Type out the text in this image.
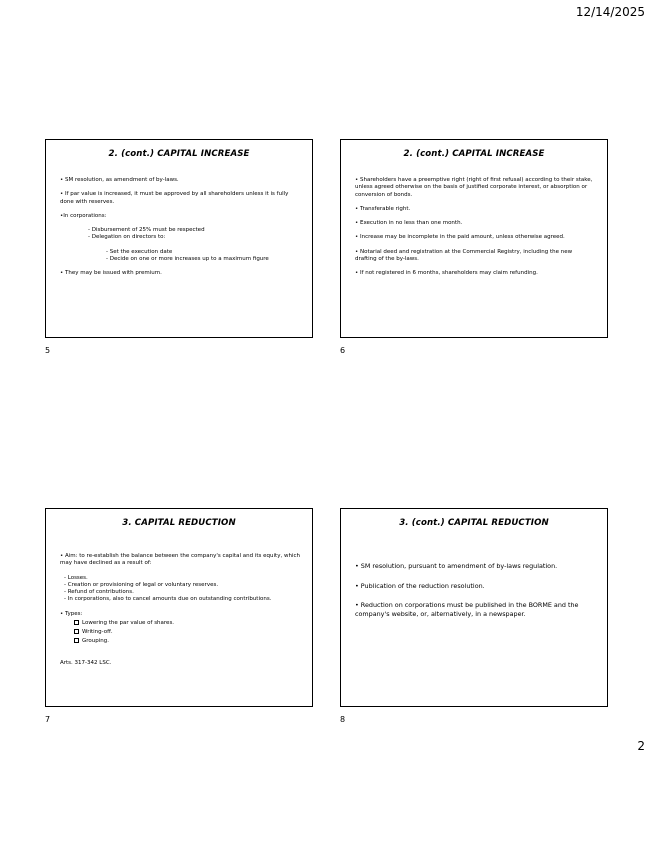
12/14/2025
2. (cont.) CAPITAL INCREASE
• SM resolution, as amendment of by-laws.
• If par value is increased, it must be approved by all shareholders unless it is fully done with reserves.
•In corporations:
- Disbursement of 25% must be respected
- Delegation on directors to:
- Set the execution date
- Decide on one or more increases up to a maximum figure
• They may be issued with premium.
5
2. (cont.) CAPITAL INCREASE
• Shareholders have a preemptive right (right of first refusal) according to their stake, unless agreed otherwise on the basis of justified corporate interest, or absorption or conversion of bonds.
• Transferable right.
• Execution in no less than one month.
• Increase may be incomplete in the paid amount, unless otherwise agreed.
• Notarial deed and registration at the Commercial Registry, including the new drafting of the by-laws.
• If not registered in 6 months, shareholders may claim refunding.
6
3. CAPITAL REDUCTION
• Aim: to re-establish the balance between the company's capital and its equity, which may have declined as a result of:
- Losses.
- Creation or provisioning of legal or voluntary reserves.
- Refund of contributions.
- In corporations, also to cancel amounts due on outstanding contributions.
• Types:
Lowering the par value of shares.
Writing-off.
Grouping.
Arts. 317-342 LSC.
7
3. (cont.) CAPITAL REDUCTION
• SM resolution, pursuant to amendment of by-laws regulation.
• Publication of the reduction resolution.
• Reduction on corporations must be published in the BORME and the company's website, or, alternatively, in a newspaper.
8
2
